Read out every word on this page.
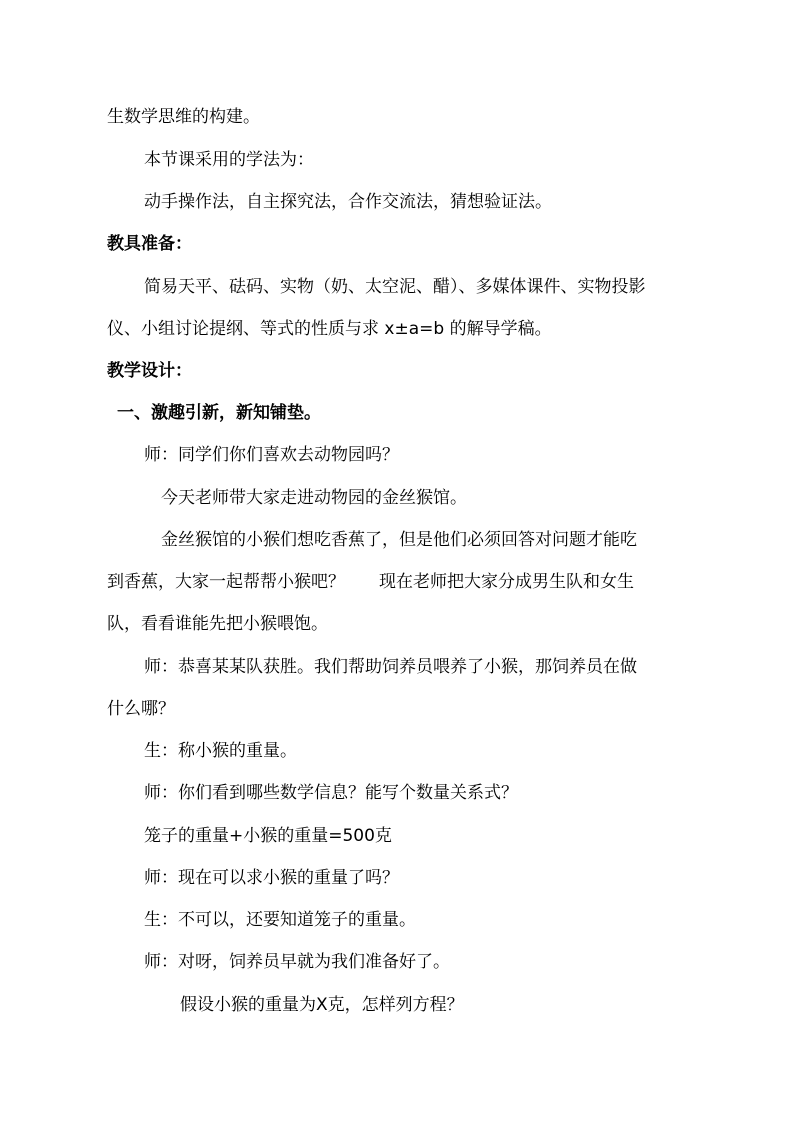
生数学思维的构建。
本节课采用的学法为：
动手操作法，自主探究法，合作交流法，猜想验证法。
教具准备：
简易天平、砝码、实物（奶、太空泥、醋）、多媒体课件、实物投影
仪、小组讨论提纲、等式的性质与求 x±a=b 的解导学稿。
教学设计：
一、激趣引新，新知铺垫。
师：同学们你们喜欢去动物园吗？
今天老师带大家走进动物园的金丝猴馆。
金丝猴馆的小猴们想吃香蕉了，但是他们必须回答对问题才能吃
到香蕉，大家一起帮帮小猴吧？　　现在老师把大家分成男生队和女生
队，看看谁能先把小猴喂饱。
师：恭喜某某队获胜。我们帮助饲养员喂养了小猴，那饲养员在做
什么哪？
生：称小猴的重量。
师：你们看到哪些数学信息？能写个数量关系式？
笼子的重量+小猴的重量=500克
师：现在可以求小猴的重量了吗？
生：不可以，还要知道笼子的重量。
师：对呀，饲养员早就为我们准备好了。
假设小猴的重量为X克，怎样列方程？
